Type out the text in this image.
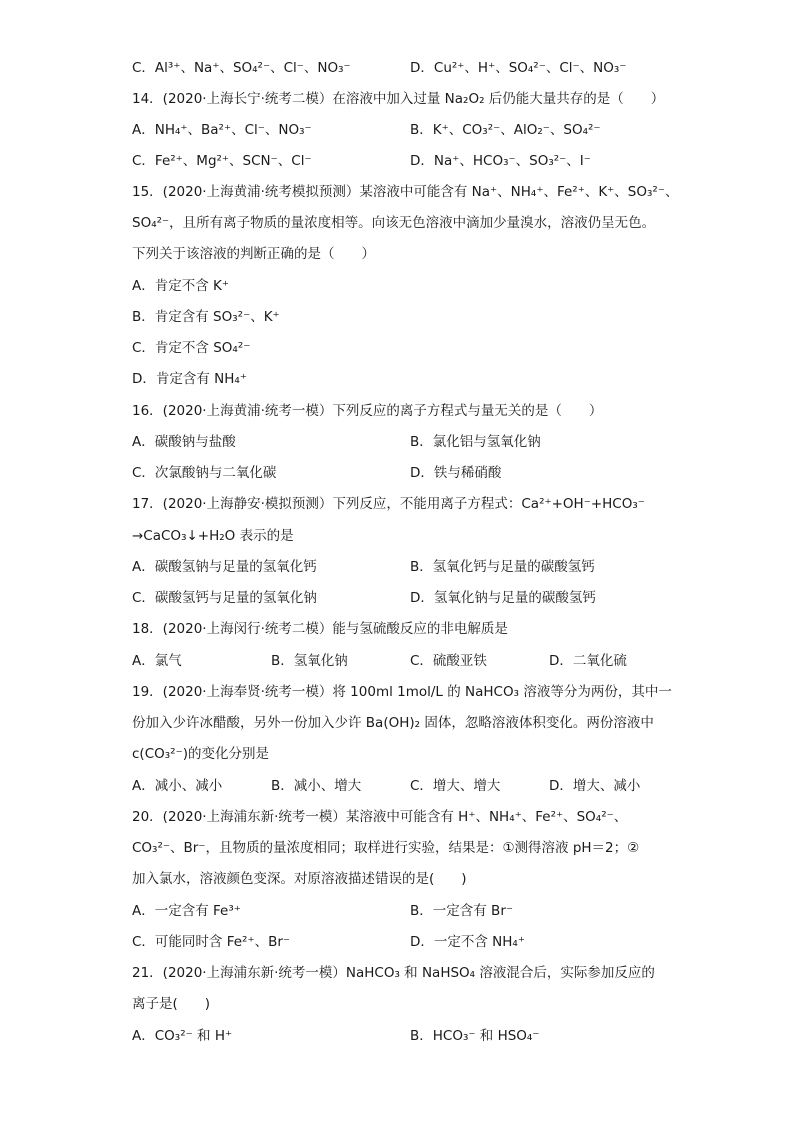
C．Al³⁺、Na⁺、SO₄²⁻、Cl⁻、NO₃⁻	D．Cu²⁺、H⁺、SO₄²⁻、Cl⁻、NO₃⁻
14．(2020·上海长宁·统考二模）在溶液中加入过量 Na₂O₂ 后仍能大量共存的是（　　）
A．NH₄⁺、Ba²⁺、Cl⁻、NO₃⁻	B．K⁺、CO₃²⁻、AlO₂⁻、SO₄²⁻
C．Fe²⁺、Mg²⁺、SCN⁻、Cl⁻	D．Na⁺、HCO₃⁻、SO₃²⁻、I⁻
15．(2020·上海黄浦·统考模拟预测）某溶液中可能含有 Na⁺、NH₄⁺、Fe²⁺、K⁺、SO₃²⁻、
SO₄²⁻，且所有离子物质的量浓度相等。向该无色溶液中滴加少量溴水，溶液仍呈无色。
下列关于该溶液的判断正确的是（　　）
A．肯定不含 K⁺
B．肯定含有 SO₃²⁻、K⁺
C．肯定不含 SO₄²⁻
D．肯定含有 NH₄⁺
16．(2020·上海黄浦·统考一模）下列反应的离子方程式与量无关的是（　　）
A．碳酸钠与盐酸	B．氯化铝与氢氧化钠
C．次氯酸钠与二氧化碳	D．铁与稀硝酸
17．(2020·上海静安·模拟预测）下列反应，不能用离子方程式：Ca²⁺+OH⁻+HCO₃⁻
→CaCO₃↓+H₂O 表示的是
A．碳酸氢钠与足量的氢氧化钙	B．氢氧化钙与足量的碳酸氢钙
C．碳酸氢钙与足量的氢氧化钠	D．氢氧化钠与足量的碳酸氢钙
18．(2020·上海闵行·统考二模）能与氢硫酸反应的非电解质是
A．氯气	B．氢氧化钠	C．硫酸亚铁	D．二氧化硫
19．(2020·上海奉贤·统考一模）将 100ml 1mol/L 的 NaHCO₃ 溶液等分为两份，其中一
份加入少许冰醋酸，另外一份加入少许 Ba(OH)₂ 固体，忽略溶液体积变化。两份溶液中
c(CO₃²⁻)的变化分别是
A．减小、减小	B．减小、增大	C．增大、增大	D．增大、减小
20．(2020·上海浦东新·统考一模）某溶液中可能含有 H⁺、NH₄⁺、Fe²⁺、SO₄²⁻、
CO₃²⁻、Br⁻，且物质的量浓度相同；取样进行实验，结果是：①测得溶液 pH＝2；②
加入氯水，溶液颜色变深。对原溶液描述错误的是(　　)
A．一定含有 Fe³⁺	B．一定含有 Br⁻
C．可能同时含 Fe²⁺、Br⁻	D．一定不含 NH₄⁺
21．(2020·上海浦东新·统考一模）NaHCO₃ 和 NaHSO₄ 溶液混合后，实际参加反应的
离子是(　　)
A．CO₃²⁻ 和 H⁺	B．HCO₃⁻ 和 HSO₄⁻
